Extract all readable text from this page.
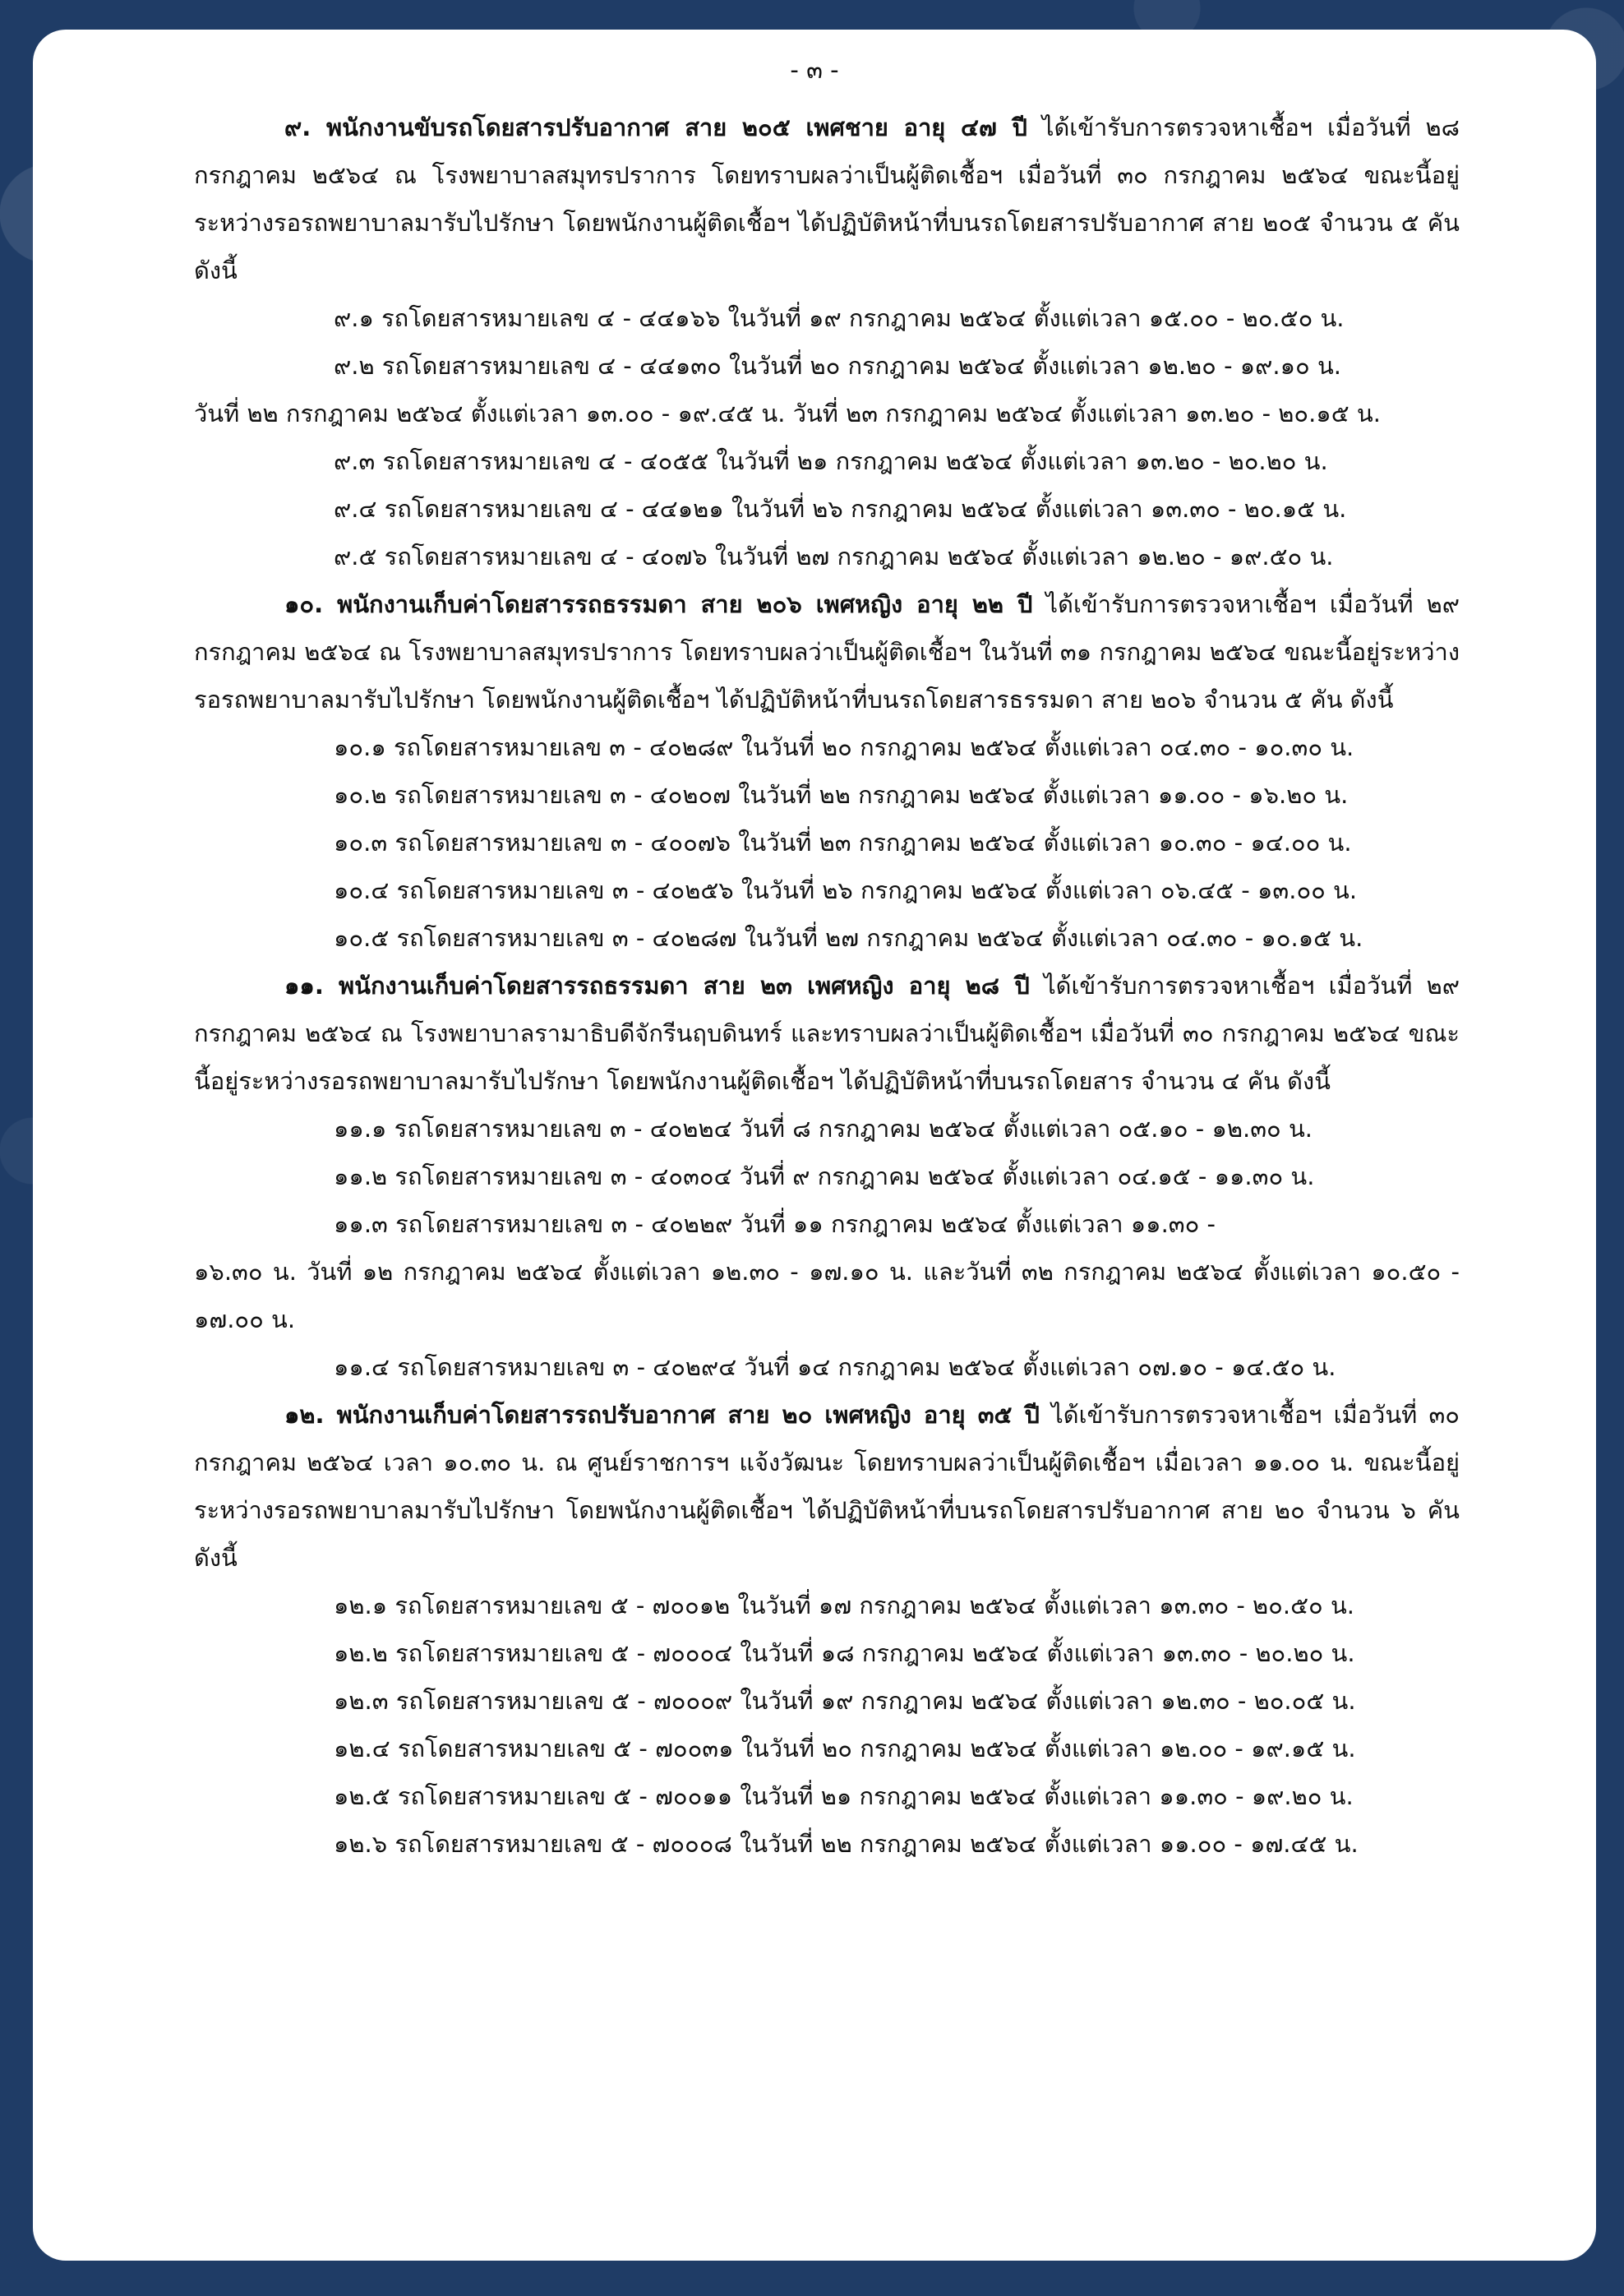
- ๓ -

๙. พนักงานขับรถโดยสารปรับอากาศ สาย ๒๐๕ เพศชาย อายุ ๔๗ ปี ได้เข้ารับการตรวจหาเชื้อฯ เมื่อวันที่ ๒๘ กรกฎาคม ๒๕๖๔ ณ โรงพยาบาลสมุทรปราการ โดยทราบผลว่าเป็นผู้ติดเชื้อฯ เมื่อวันที่ ๓๐ กรกฎาคม ๒๕๖๔ ขณะนี้อยู่ระหว่างรอรถพยาบาลมารับไปรักษา โดยพนักงานผู้ติดเชื้อฯ ได้ปฏิบัติหน้าที่บนรถโดยสารปรับอากาศ สาย ๒๐๕ จำนวน ๕ คัน ดังนี้

๙.๑ รถโดยสารหมายเลข ๔ - ๔๔๑๖๖ ในวันที่ ๑๙ กรกฎาคม ๒๕๖๔ ตั้งแต่เวลา ๑๕.๐๐ - ๒๐.๕๐ น.

๙.๒ รถโดยสารหมายเลข ๔ - ๔๔๑๓๐ ในวันที่ ๒๐ กรกฎาคม ๒๕๖๔ ตั้งแต่เวลา ๑๒.๒๐ - ๑๙.๑๐ น.

วันที่ ๒๒ กรกฎาคม ๒๕๖๔ ตั้งแต่เวลา ๑๓.๐๐ - ๑๙.๔๕ น. วันที่ ๒๓ กรกฎาคม ๒๕๖๔ ตั้งแต่เวลา ๑๓.๒๐ - ๒๐.๑๕ น.

๙.๓ รถโดยสารหมายเลข ๔ - ๔๐๕๕ ในวันที่ ๒๑ กรกฎาคม ๒๕๖๔ ตั้งแต่เวลา ๑๓.๒๐ - ๒๐.๒๐ น.

๙.๔ รถโดยสารหมายเลข ๔ - ๔๔๑๒๑ ในวันที่ ๒๖ กรกฎาคม ๒๕๖๔ ตั้งแต่เวลา ๑๓.๓๐ - ๒๐.๑๕ น.

๙.๕ รถโดยสารหมายเลข ๔ - ๔๐๗๖ ในวันที่ ๒๗ กรกฎาคม ๒๕๖๔ ตั้งแต่เวลา ๑๒.๒๐ - ๑๙.๕๐ น.

๑๐. พนักงานเก็บค่าโดยสารรถธรรมดา สาย ๒๐๖ เพศหญิง อายุ ๒๒ ปี ได้เข้ารับการตรวจหาเชื้อฯ เมื่อวันที่ ๒๙ กรกฎาคม ๒๕๖๔ ณ โรงพยาบาลสมุทรปราการ โดยทราบผลว่าเป็นผู้ติดเชื้อฯ ในวันที่ ๓๑ กรกฎาคม ๒๕๖๔ ขณะนี้อยู่ระหว่างรอรถพยาบาลมารับไปรักษา โดยพนักงานผู้ติดเชื้อฯ ได้ปฏิบัติหน้าที่บนรถโดยสารธรรมดา สาย ๒๐๖ จำนวน ๕ คัน ดังนี้

๑๐.๑ รถโดยสารหมายเลข ๓ - ๔๐๒๘๙ ในวันที่ ๒๐ กรกฎาคม ๒๕๖๔ ตั้งแต่เวลา ๐๔.๓๐ - ๑๐.๓๐ น.

๑๐.๒ รถโดยสารหมายเลข ๓ - ๔๐๒๐๗ ในวันที่ ๒๒ กรกฎาคม ๒๕๖๔ ตั้งแต่เวลา ๑๑.๐๐ - ๑๖.๒๐ น.

๑๐.๓ รถโดยสารหมายเลข ๓ - ๔๐๐๗๖ ในวันที่ ๒๓ กรกฎาคม ๒๕๖๔ ตั้งแต่เวลา ๑๐.๓๐ - ๑๔.๐๐ น.

๑๐.๔ รถโดยสารหมายเลข ๓ - ๔๐๒๕๖ ในวันที่ ๒๖ กรกฎาคม ๒๕๖๔ ตั้งแต่เวลา ๐๖.๔๕ - ๑๓.๐๐ น.

๑๐.๕ รถโดยสารหมายเลข ๓ - ๔๐๒๘๗ ในวันที่ ๒๗ กรกฎาคม ๒๕๖๔ ตั้งแต่เวลา ๐๔.๓๐ - ๑๐.๑๕ น.

๑๑. พนักงานเก็บค่าโดยสารรถธรรมดา สาย ๒๓ เพศหญิง อายุ ๒๘ ปี ได้เข้ารับการตรวจหาเชื้อฯ เมื่อวันที่ ๒๙ กรกฎาคม ๒๕๖๔ ณ โรงพยาบาลรามาธิบดีจักรีนฤบดินทร์ และทราบผลว่าเป็นผู้ติดเชื้อฯ เมื่อวันที่ ๓๐ กรกฎาคม ๒๕๖๔ ขณะนี้อยู่ระหว่างรอรถพยาบาลมารับไปรักษา โดยพนักงานผู้ติดเชื้อฯ ได้ปฏิบัติหน้าที่บนรถโดยสาร จำนวน ๔ คัน ดังนี้

๑๑.๑ รถโดยสารหมายเลข ๓ - ๔๐๒๒๔ วันที่ ๘ กรกฎาคม ๒๕๖๔ ตั้งแต่เวลา ๐๕.๑๐ - ๑๒.๓๐ น.

๑๑.๒ รถโดยสารหมายเลข ๓ - ๔๐๓๐๔ วันที่ ๙ กรกฎาคม ๒๕๖๔ ตั้งแต่เวลา ๐๔.๑๕ - ๑๑.๓๐ น.

๑๑.๓ รถโดยสารหมายเลข ๓ - ๔๐๒๒๙ วันที่ ๑๑ กรกฎาคม ๒๕๖๔ ตั้งแต่เวลา ๑๑.๓๐ -

๑๖.๓๐ น. วันที่ ๑๒ กรกฎาคม ๒๕๖๔ ตั้งแต่เวลา ๑๒.๓๐ - ๑๗.๑๐ น. และวันที่ ๓๒ กรกฎาคม ๒๕๖๔ ตั้งแต่เวลา ๑๐.๕๐ - ๑๗.๐๐ น.

๑๑.๔ รถโดยสารหมายเลข ๓ - ๔๐๒๙๔ วันที่ ๑๔ กรกฎาคม ๒๕๖๔ ตั้งแต่เวลา ๐๗.๑๐ - ๑๔.๕๐ น.

๑๒. พนักงานเก็บค่าโดยสารรถปรับอากาศ สาย ๒๐ เพศหญิง อายุ ๓๕ ปี ได้เข้ารับการตรวจหาเชื้อฯ เมื่อวันที่ ๓๐ กรกฎาคม ๒๕๖๔ เวลา ๑๐.๓๐ น. ณ ศูนย์ราชการฯ แจ้งวัฒนะ โดยทราบผลว่าเป็นผู้ติดเชื้อฯ เมื่อเวลา ๑๑.๐๐ น. ขณะนี้อยู่ระหว่างรอรถพยาบาลมารับไปรักษา โดยพนักงานผู้ติดเชื้อฯ ได้ปฏิบัติหน้าที่บนรถโดยสารปรับอากาศ สาย ๒๐ จำนวน ๖ คัน ดังนี้

๑๒.๑ รถโดยสารหมายเลข ๕ - ๗๐๐๑๒ ในวันที่ ๑๗ กรกฎาคม ๒๕๖๔ ตั้งแต่เวลา ๑๓.๓๐ - ๒๐.๕๐ น.

๑๒.๒ รถโดยสารหมายเลข ๕ - ๗๐๐๐๔ ในวันที่ ๑๘ กรกฎาคม ๒๕๖๔ ตั้งแต่เวลา ๑๓.๓๐ - ๒๐.๒๐ น.

๑๒.๓ รถโดยสารหมายเลข ๕ - ๗๐๐๐๙ ในวันที่ ๑๙ กรกฎาคม ๒๕๖๔ ตั้งแต่เวลา ๑๒.๓๐ - ๒๐.๐๕ น.

๑๒.๔ รถโดยสารหมายเลข ๕ - ๗๐๐๓๑ ในวันที่ ๒๐ กรกฎาคม ๒๕๖๔ ตั้งแต่เวลา ๑๒.๐๐ - ๑๙.๑๕ น.

๑๒.๕ รถโดยสารหมายเลข ๕ - ๗๐๐๑๑ ในวันที่ ๒๑ กรกฎาคม ๒๕๖๔ ตั้งแต่เวลา ๑๑.๓๐ - ๑๙.๒๐ น.

๑๒.๖ รถโดยสารหมายเลข ๕ - ๗๐๐๐๘ ในวันที่ ๒๒ กรกฎาคม ๒๕๖๔ ตั้งแต่เวลา ๑๑.๐๐ - ๑๗.๔๕ น.
